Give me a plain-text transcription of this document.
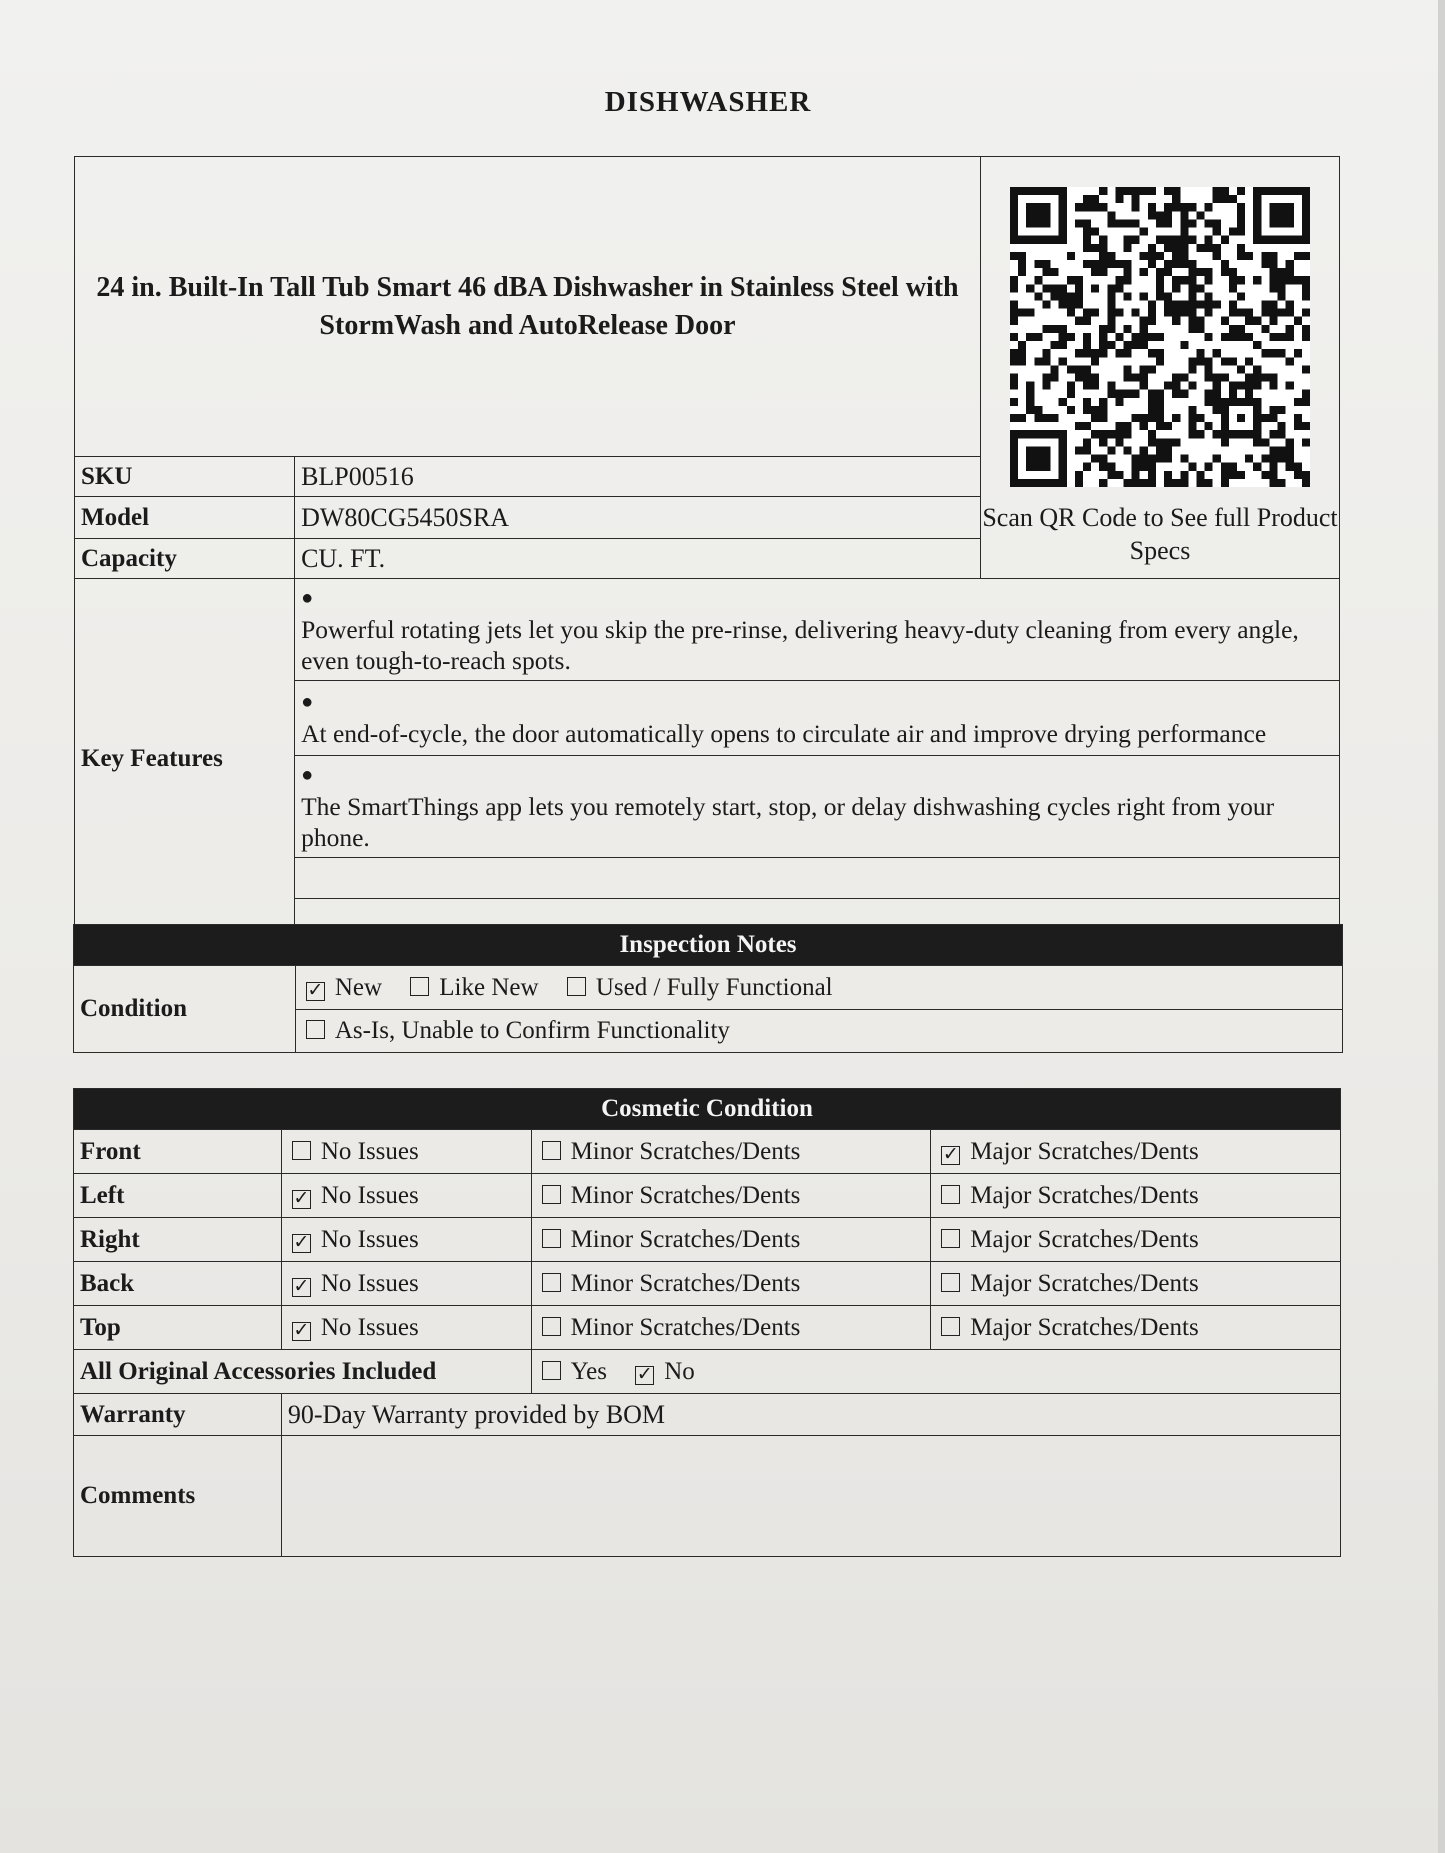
DISHWASHER
24 in. Built-In Tall Tub Smart 46 dBA Dishwasher in Stainless Steel with StormWash and AutoRelease Door		Scan QR Code to See full Product Specs

SKU	BLP00516	
Model	DW80CG5450SRA	
Capacity	CU. FT.	
Key Features	●Powerful rotating jets let you skip the pre-rinse, delivering heavy-duty cleaning from every angle, even tough-to-reach spots.	
	●At end-of-cycle, the door automatically opens to circulate air and improve drying performance	
	●The SmartThings app lets you remotely start, stop, or delay dishwashing cycles right from your phone.	

Inspection Notes
Condition	✓ New Like New Used / Fully Functional
As-Is, Unable to Confirm Functionality
Cosmetic Condition			
Front	No Issues	Minor Scratches/Dents	✓ Major Scratches/Dents
Left	✓ No Issues	Minor Scratches/Dents	Major Scratches/Dents
Right	✓ No Issues	Minor Scratches/Dents	Major Scratches/Dents
Back	✓ No Issues	Minor Scratches/Dents	Major Scratches/Dents
Top	✓ No Issues	Minor Scratches/Dents	Major Scratches/Dents
All Original Accessories Included		Yes ✓ No	
Warranty	90-Day Warranty provided by BOM		
Comments			
